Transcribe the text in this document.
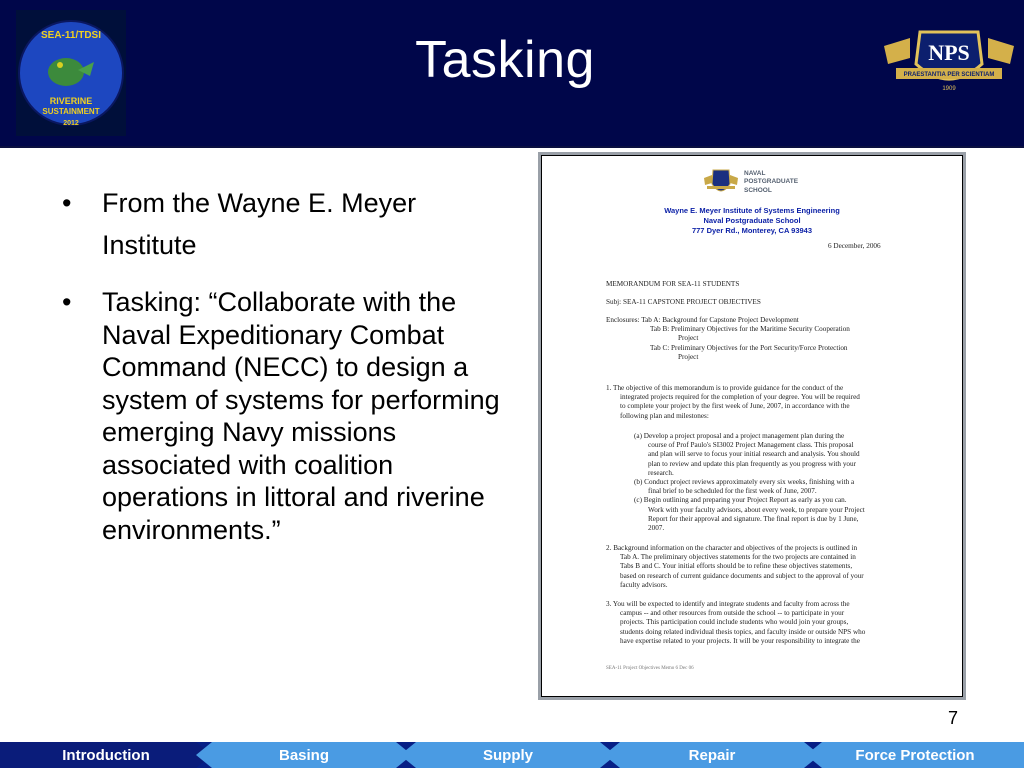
SEA-11/TDSI
RIVERINE
SUSTAINMENT
2012
Tasking	NPS
PRAESTANTIA PER SCIENTIAM
1909
• From the Wayne E. Meyer Institute
• Tasking: “Collaborate with the Naval Expeditionary Combat Command (NECC) to design a system of systems for performing emerging Navy missions associated with coalition operations in littoral and riverine environments.”
NAVAL
POSTGRADUATE
SCHOOL
Wayne E. Meyer Institute of Systems Engineering
Naval Postgraduate School
777 Dyer Rd., Monterey, CA 93943
6 December, 2006
MEMORANDUM FOR SEA-11 STUDENTS
Subj: SEA-11 CAPSTONE PROJECT OBJECTIVES
Enclosures: Tab A: Background for Capstone Project Development
Tab B: Preliminary Objectives for the Maritime Security Cooperation
Project
Tab C: Preliminary Objectives for the Port Security/Force Protection
Project
1. The objective of this memorandum is to provide guidance for the conduct of the
integrated projects required for the completion of your degree. You will be required
to complete your project by the first week of June, 2007, in accordance with the
following plan and milestones:
(a) Develop a project proposal and a project management plan during the
course of Prof Paulo's SI3002 Project Management class. This proposal
and plan will serve to focus your initial research and analysis. You should
plan to review and update this plan frequently as you progress with your
research.
(b) Conduct project reviews approximately every six weeks, finishing with a
final brief to be scheduled for the first week of June, 2007.
(c) Begin outlining and preparing your Project Report as early as you can.
Work with your faculty advisors, about every week, to prepare your Project
Report for their approval and signature. The final report is due by 1 June,
2007.
2. Background information on the character and objectives of the projects is outlined in
Tab A. The preliminary objectives statements for the two projects are contained in
Tabs B and C. Your initial efforts should be to refine these objectives statements,
based on research of current guidance documents and subject to the approval of your
faculty advisors.
3. You will be expected to identify and integrate students and faculty from across the
campus -- and other resources from outside the school -- to participate in your
projects. This participation could include students who would join your groups,
students doing related individual thesis topics, and faculty inside or outside NPS who
have expertise related to your projects. It will be your responsibility to integrate the
SEA-11 Project Objectives Memo 6 Dec 06
7
Introduction	Basing	Supply	Repair	Force Protection
